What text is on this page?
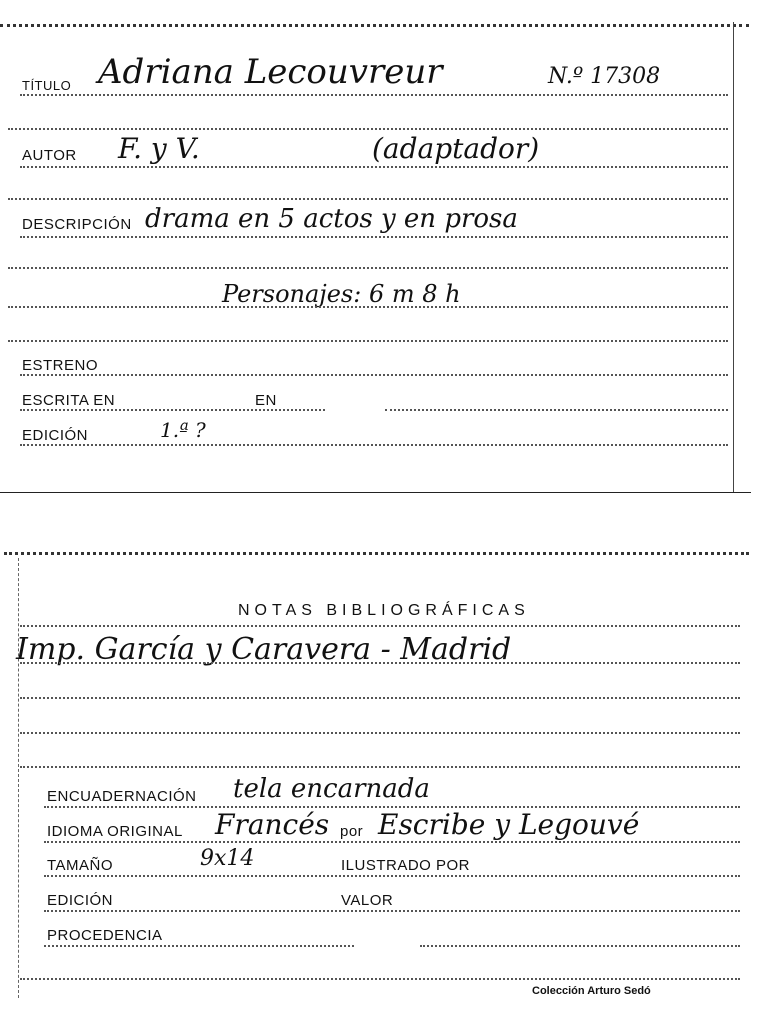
TÍTULO Adriana Lecouvreur	N.º 17308
AUTOR F. y V.	(adaptador)
DESCRIPCIÓN drama en 5 actos y en prosa
Personajes: 6 m 8 h
ESTRENO
ESCRITA EN	EN
EDICIÓN	1.ª ?
NOTAS BIBLIOGRÁFICAS
Imp. García y Caravera - Madrid
ENCUADERNACIÓN tela encarnada
IDIOMA ORIGINAL Francés por Escribe y Legouvé
TAMAÑO	9x14	ILUSTRADO POR
EDICIÓN	VALOR
PROCEDENCIA
Colección Arturo Sedó
